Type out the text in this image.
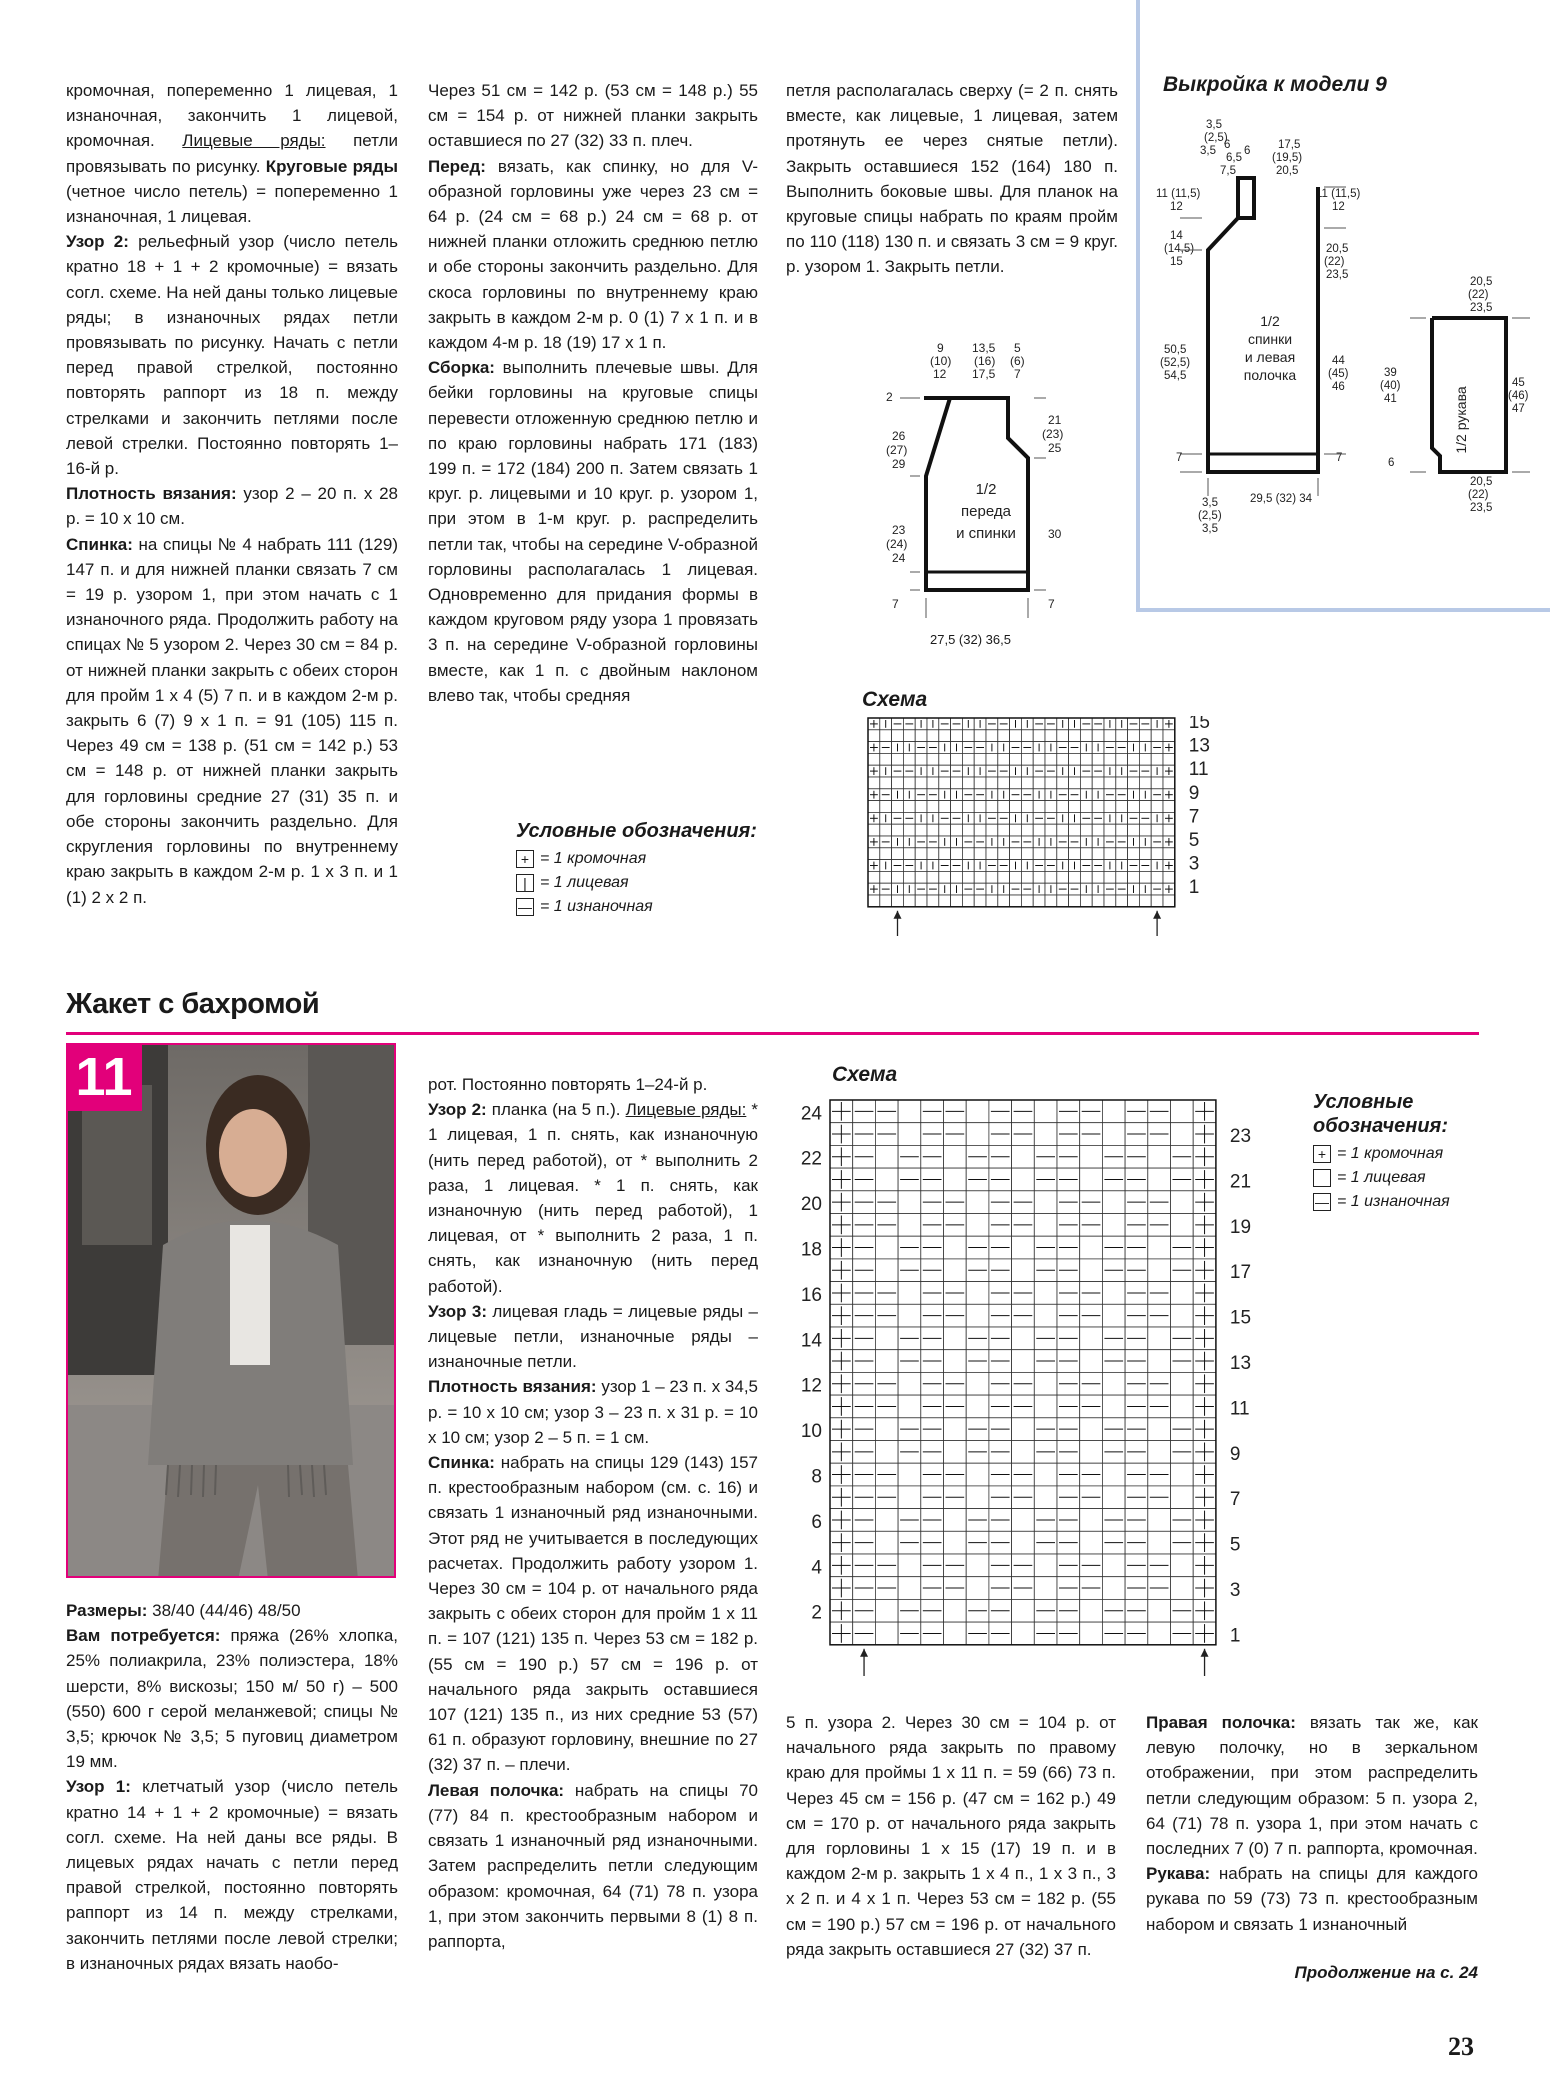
кромочная, попеременно 1 лицевая, 1 изнаночная, закончить 1 лицевой, кромочная. Лицевые ряды: петли провязывать по рисунку. Круговые ряды (четное число петель) = попеременно 1 изнаночная, 1 лицевая.

Узор 2: рельефный узор (число петель кратно 18 + 1 + 2 кромочные) = вязать согл. схеме. На ней даны только лицевые ряды; в изнаночных рядах петли провязывать по рисунку. Начать с петли перед правой стрелкой, постоянно повторять раппорт из 18 п. между стрелками и закончить петлями после левой стрелки. Постоянно повторять 1–16-й р.

Плотность вязания: узор 2 – 20 п. x 28 р. = 10 x 10 см.

Спинка: на спицы № 4 набрать 111 (129) 147 п. и для нижней планки связать 7 см = 19 р. узором 1, при этом начать с 1 изнаночного ряда. Продолжить работу на спицах № 5 узором 2. Через 30 см = 84 р. от нижней планки закрыть с обеих сторон для пройм 1 x 4 (5) 7 п. и в каждом 2-м р. закрыть 6 (7) 9 x 1 п. = 91 (105) 115 п. Через 49 см = 138 р. (51 см = 142 р.) 53 см = 148 р. от нижней планки закрыть для горловины средние 27 (31) 35 п. и обе стороны закончить раздельно. Для скругления горловины по внутреннему краю закрыть в каждом 2-м р. 1 x 3 п. и 1 (1) 2 x 2 п.

Через 51 см = 142 р. (53 см = 148 р.) 55 см = 154 р. от нижней планки закрыть оставшиеся по 27 (32) 33 п. плеч.

Перед: вязать, как спинку, но для V-образной горловины уже через 23 см = 64 р. (24 см = 68 р.) 24 см = 68 р. от нижней планки отложить среднюю петлю и обе стороны закончить раздельно. Для скоса горловины по внутреннему краю закрыть в каждом 2-м р. 0 (1) 7 x 1 п. и в каждом 4-м р. 18 (19) 17 x 1 п.

Сборка: выполнить плечевые швы. Для бейки горловины на круговые спицы перевести отложенную среднюю петлю и по краю горловины набрать 171 (183) 199 п. = 172 (184) 200 п. Затем связать 1 круг. р. лицевыми и 10 круг. р. узором 1, при этом в 1-м круг. р. распределить петли так, чтобы на середине V-образной горловины располагалась 1 лицевая. Одновременно для придания формы в каждом круговом ряду узора 1 провязать 3 п. на середине V-образной горловины вместе, как 1 п. с двойным наклоном влево так, чтобы средняя

петля располагалась сверху (= 2 п. снять вместе, как лицевые, 1 лицевая, затем протянуть ее через снятые петли). Закрыть оставшиеся 152 (164) 180 п. Выполнить боковые швы. Для планок на круговые спицы набрать по краям пройм по 110 (118) 130 п. и связать 3 см = 9 круг. р. узором 1. Закрыть петли.

Условные обозначения:
+ = 1 кромочная
| = 1 лицевая
— = 1 изнаночная
9
(10)
12
13,5
(16)
17,5
5
(6)
7
2
26
(27)
29
23
(24)
24
7
21
(23)
25
30
7
1/2
переда
и спинки
27,5 (32) 36,5
Схема
15
13
11
9
7
5
3
1
Выкройка к модели 9
3,5
(2,5)
3,5 6
6,5
7,5
6 17,5
(19,5)
20,5
11 (11,5)
12
14
(14,5)
15
50,5
(52,5)
54,5
7
11 (11,5)
12
20,5
(22)
23,5
44
(45)
46
7
1/2
спинки
и левая
полочка
3,5
(2,5)
3,5
29,5 (32) 34
20,5
(22)
23,5
39
(40)
41
6
45
(46)
47
20,5
(22)
23,5
1/2 рукава
Жакет с бахромой
11

Размеры: 38/40 (44/46) 48/50

Вам потребуется: пряжа (26% хлопка, 25% полиакрила, 23% полиэстера, 18% шерсти, 8% вискозы; 150 м/ 50 г) – 500 (550) 600 г серой меланжевой; спицы № 3,5; крючок № 3,5; 5 пуговиц диаметром 19 мм.

Узор 1: клетчатый узор (число петель кратно 14 + 1 + 2 кромочные) = вязать согл. схеме. На ней даны все ряды. В лицевых рядах начать с петли перед правой стрелкой, постоянно повторять раппорт из 14 п. между стрелками, закончить петлями после левой стрелки; в изнаночных рядах вязать наобо-

рот. Постоянно повторять 1–24-й р.

Узор 2: планка (на 5 п.). Лицевые ряды: * 1 лицевая, 1 п. снять, как изнаночную (нить перед работой), от * выполнить 2 раза, 1 лицевая. * 1 п. снять, как изнаночную (нить перед работой), 1 лицевая, от * выполнить 2 раза, 1 п. снять, как изнаночную (нить перед работой).

Узор 3: лицевая гладь = лицевые ряды – лицевые петли, изнаночные ряды – изнаночные петли.

Плотность вязания: узор 1 – 23 п. x 34,5 р. = 10 x 10 см; узор 3 – 23 п. x 31 р. = 10 x 10 см; узор 2 – 5 п. = 1 см.

Спинка: набрать на спицы 129 (143) 157 п. крестообразным набором (см. с. 16) и связать 1 изнаночный ряд изнаночными. Этот ряд не учитывается в последующих расчетах. Продолжить работу узором 1. Через 30 см = 104 р. от начального ряда закрыть с обеих сторон для пройм 1 x 11 п. = 107 (121) 135 п. Через 53 см = 182 р. (55 см = 190 р.) 57 см = 196 р. от начального ряда закрыть оставшиеся 107 (121) 135 п., из них средние 53 (57) 61 п. образуют горловину, внешние по 27 (32) 37 п. – плечи.

Левая полочка: набрать на спицы 70 (77) 84 п. крестообразным набором и связать 1 изнаночный ряд изнаночными. Затем распределить петли следующим образом: кромочная, 64 (71) 78 п. узора 1, при этом закончить первыми 8 (1) 8 п. раппорта,

5 п. узора 2. Через 30 см = 104 р. от начального ряда закрыть по правому краю для проймы 1 x 11 п. = 59 (66) 73 п. Через 45 см = 156 р. (47 см = 162 р.) 49 см = 170 р. от начального ряда закрыть для горловины 1 x 15 (17) 19 п. и в каждом 2-м р. закрыть 1 x 4 п., 1 x 3 п., 3 x 2 п. и 4 x 1 п. Через 53 см = 182 р. (55 см = 190 р.) 57 см = 196 р. от начального ряда закрыть оставшиеся 27 (32) 37 п.

Правая полочка: вязать так же, как левую полочку, но в зеркальном отображении, при этом распределить петли следующим образом: 5 п. узора 2, 64 (71) 78 п. узора 1, при этом начать с последних 7 (0) 7 п. раппорта, кромочная.

Рукава: набрать на спицы для каждого рукава по 59 (73) 73 п. крестообразным набором и связать 1 изнаночный

Схема
23
21
19
17
15
13
11
9
7
5
3
1
24
22
20
18
16
14
12
10
8
6
4
2
Условные обозначения:
+ = 1 кромочная
= 1 лицевая
— = 1 изнаночная
Продолжение на с. 24
23
